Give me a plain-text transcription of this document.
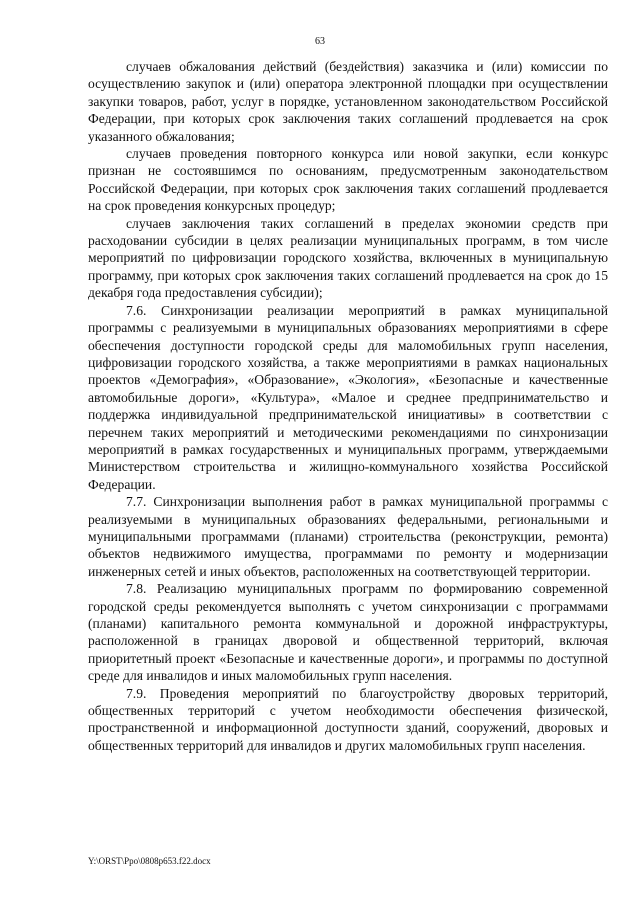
63

случаев обжалования действий (бездействия) заказчика и (или) комиссии по осуществлению закупок и (или) оператора электронной площадки при осуществлении закупки товаров, работ, услуг в порядке, установленном законодательством Российской Федерации, при которых срок заключения таких соглашений продлевается на срок указанного обжалования;

случаев проведения повторного конкурса или новой закупки, если конкурс признан не состоявшимся по основаниям, предусмотренным законодательством Российской Федерации, при которых срок заключения таких соглашений продлевается на срок проведения конкурсных процедур;

случаев заключения таких соглашений в пределах экономии средств при расходовании субсидии в целях реализации муниципальных программ, в том числе мероприятий по цифровизации городского хозяйства, включенных в муниципальную программу, при которых срок заключения таких соглашений продлевается на срок до 15 декабря года предоставления субсидии);

7.6. Синхронизации реализации мероприятий в рамках муниципальной программы с реализуемыми в муниципальных образованиях мероприятиями в сфере обеспечения доступности городской среды для маломобильных групп населения, цифровизации городского хозяйства, а также мероприятиями в рамках национальных проектов «Демография», «Образование», «Экология», «Безопасные и качественные автомобильные дороги», «Культура», «Малое и среднее предпринимательство и поддержка индивидуальной предпринимательской инициативы» в соответствии с перечнем таких мероприятий и методическими рекомендациями по синхронизации мероприятий в рамках государственных и муниципальных программ, утверждаемыми Министерством строительства и жилищно-коммунального хозяйства Российской Федерации.

7.7. Синхронизации выполнения работ в рамках муниципальной программы с реализуемыми в муниципальных образованиях федеральными, региональными и муниципальными программами (планами) строительства (реконструкции, ремонта) объектов недвижимого имущества, программами по ремонту и модернизации инженерных сетей и иных объектов, расположенных на соответствующей территории.

7.8. Реализацию муниципальных программ по формированию современной городской среды рекомендуется выполнять с учетом синхронизации с программами (планами) капитального ремонта коммунальной и дорожной инфраструктуры, расположенной в границах дворовой и общественной территорий, включая приоритетный проект «Безопасные и качественные дороги», и программы по доступной среде для инвалидов и иных маломобильных групп населения.

7.9. Проведения мероприятий по благоустройству дворовых территорий, общественных территорий с учетом необходимости обеспечения физической, пространственной и информационной доступности зданий, сооружений, дворовых и общественных территорий для инвалидов и других маломобильных групп населения.

Y:\ORST\Ppo\0808p653.f22.docx
